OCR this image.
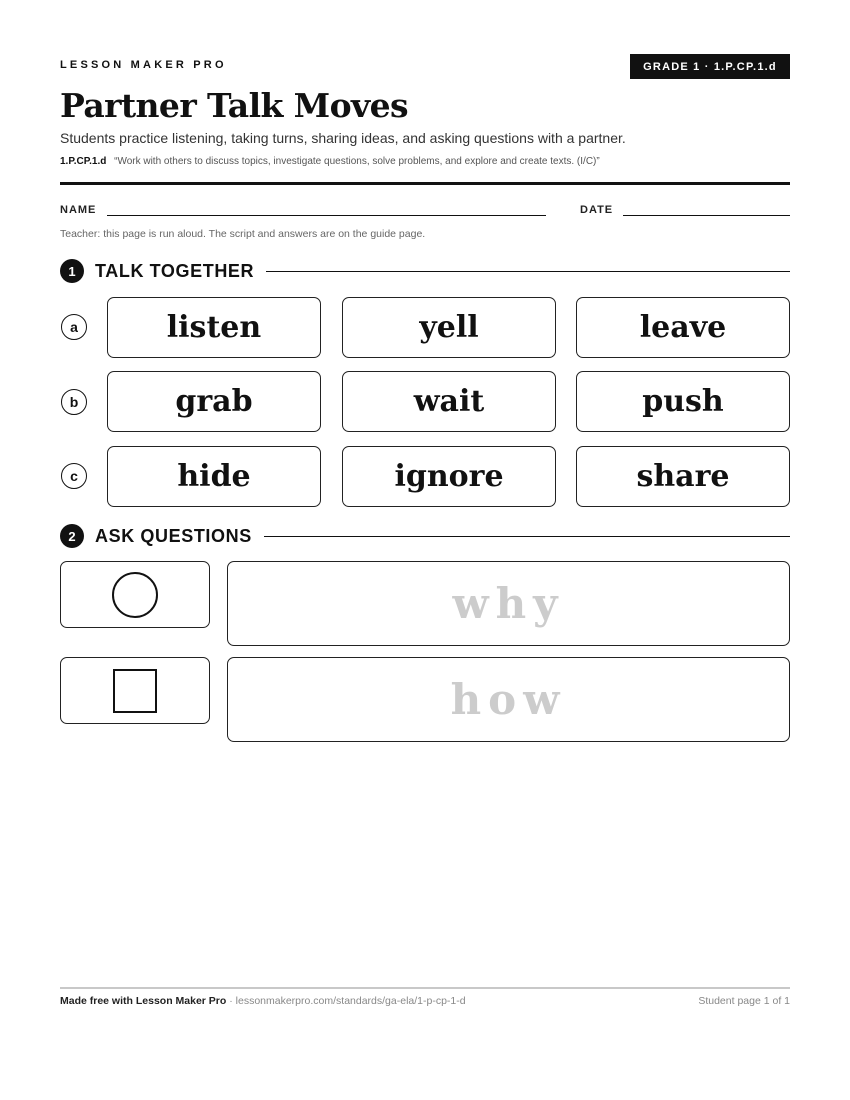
LESSON MAKER PRO	GRADE 1 · 1.P.CP.1.d
Partner Talk Moves

Students practice listening, taking turns, sharing ideas, and asking questions with a partner.

1.P.CP.1.d “Work with others to discuss topics, investigate questions, solve problems, and explore and create texts. (I/C)”

NAME	DATE

Teacher: this page is run aloud. The script and answers are on the guide page.

1	TALK TOGETHER
a	listen	yell	leave
b	grab	wait	push
c	hide	ignore	share
2	ASK QUESTIONS
why
how

Made free with Lesson Maker Pro · lessonmakerpro.com/standards/ga-ela/1-p-cp-1-d	Student page 1 of 1
